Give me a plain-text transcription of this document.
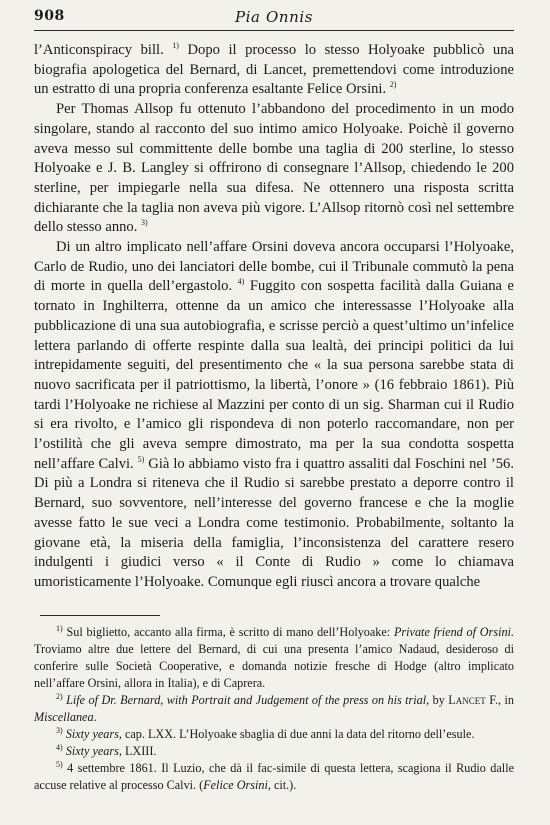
908	Pia Onnis

l’Anticonspiracy bill. $^{1)}$ Dopo il processo lo stesso Holyoake pubblicò una biografia apologetica del Bernard, di Lancet, premettendovi come introduzione un estratto di una propria conferenza esaltante Felice Orsini. $^{2)}$

Per Thomas Allsop fu ottenuto l’abbandono del procedimento in un modo singolare, stando al racconto del suo intimo amico Holyoake. Poichè il governo aveva messo sul committente delle bombe una taglia di 200 sterline, lo stesso Holyoake e J. B. Langley si offrirono di consegnare l’Allsop, chiedendo le 200 sterline, per impiegarle nella sua difesa. Ne ottennero una risposta scritta dichiarante che la taglia non aveva più vigore. L’Allsop ritornò così nel settembre dello stesso anno. $^{3)}$

Di un altro implicato nell’affare Orsini doveva ancora occuparsi l’Holyoake, Carlo de Rudio, uno dei lanciatori delle bombe, cui il Tribunale commutò la pena di morte in quella dell’ergastolo. $^{4)}$ Fuggito con sospetta facilità dalla Guiana e tornato in Inghilterra, ottenne da un amico che interessasse l’Holyoake alla pubblicazione di una sua autobiografia, e scrisse perciò a quest’ultimo un’infelice lettera parlando di offerte respinte dalla sua lealtà, dei principi politici da lui intrepidamente seguiti, del presentimento che « la sua persona sarebbe stata di nuovo sacrificata per il patriottismo, la libertà, l’onore » (16 febbraio 1861). Più tardi l’Holyoake ne richiese al Mazzini per conto di un sig. Sharman cui il Rudio si era rivolto, e l’amico gli rispondeva di non poterlo raccomandare, non per l’ostilità che gli aveva sempre dimostrato, ma per la sua condotta sospetta nell’affare Calvi. $^{5)}$ Già lo abbiamo visto fra i quattro assaliti dal Foschini nel ’56. Di più a Londra si riteneva che il Rudio si sarebbe prestato a deporre contro il Bernard, suo sovventore, nell’interesse del governo francese e che la moglie avesse fatto le sue veci a Londra come testimonio. Probabilmente, soltanto la giovane età, la miseria della famiglia, l’inconsistenza del carattere resero indulgenti i giudici verso « il Conte di Rudio » come lo chiamava umoristicamente l’Holyoake. Comunque egli riuscì ancora a trovare qualche

$^{1)}$ Sul biglietto, accanto alla firma, è scritto di mano dell’Holyoake: Private friend of Orsini. Troviamo altre due lettere del Bernard, di cui una presenta l’amico Nadaud, desideroso di conferire sulle Società Cooperative, e domanda notizie fresche di Hodge (altro implicato nell’affare Orsini, allora in Italia), e di Caprera.

$^{2)}$ Life of Dr. Bernard, with Portrait and Judgement of the press on his trial, by Lancet F., in Miscellanea.

$^{3)}$ Sixty years, cap. LXX. L’Holyoake sbaglia di due anni la data del ritorno dell’esule.

$^{4)}$ Sixty years, LXIII.

$^{5)}$ 4 settembre 1861. Il Luzio, che dà il fac-simile di questa lettera, scagiona il Rudio dalle accuse relative al processo Calvi. (Felice Orsini, cit.).
